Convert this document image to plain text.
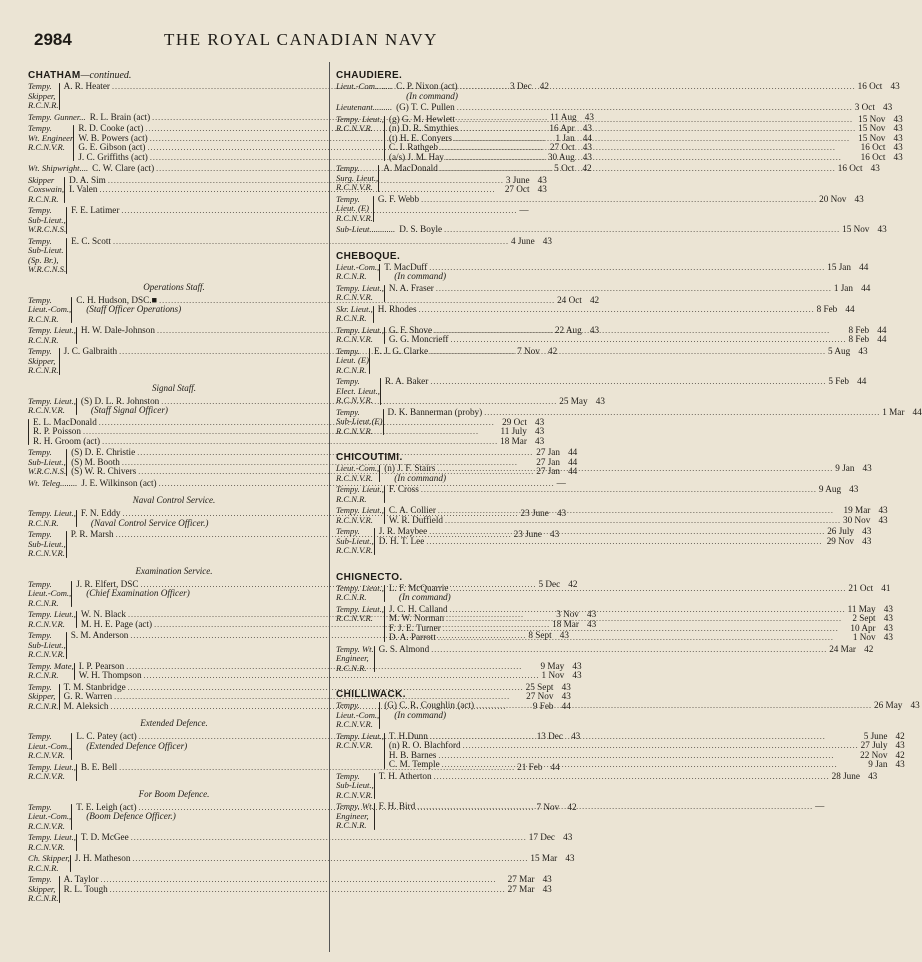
2984	THE ROYAL CANADIAN NAVY
CHATHAM—continued.
Tempy.
Skipper,
R.C.N.R.
A. R. Heater .....	3 Dec 42
Tempy. Gunner... R. L. Brain (act) .....	11 Aug 43
Tempy.
Wt. Engineer
R.C.N.V.R.
R. D. Cooke (act) .....	16 Apr 43
W. B. Powers (act) .....	1 Jan 44
G. E. Gibson (act) .....	27 Oct 43
J. C. Griffiths (act) .....	30 Aug 43
Wt. Shipwright.... C. W. Clare (act) .....	5 Oct 42
Skipper
Coxswain,
R.C.N.R.
D. A. Sim .....	3 June 43
I. Valen .....	27 Oct 43
Tempy.
Sub-Lieut.,
W.R.C.N.S.
F. E. Latimer .....	—
Tempy.
Sub-Lieut.
(Sp. Br.),
W.R.C.N.S.
E. C. Scott .....	4 June 43
Operations Staff.
Tempy.
Lieut.-Com.,
R.C.N.R.
C. H. Hudson, DSC.■ .....	24 Oct 42
(Staff Officer Operations)
Tempy. Lieut.,
R.C.N.R.
H. W. Dale-Johnson .....	22 Aug 43
Tempy.
Skipper,
R.C.N.R.
J. C. Galbraith .....	7 Nov 42
Signal Staff.
Tempy. Lieut.,
R.C.N.V.R.
(S) D. L. R. Johnston .....	25 May 43
(Staff Signal Officer)
E. L. MacDonald .....	29 Oct 43
R. P. Poisson .....	11 July 43
R. H. Groom (act) .....	18 Mar 43
Tempy.
Sub-Lieut.,
W.R.C.N.S.
(S) D. E. Christie .....	27 Jan 44
(S) M. Booth .....	27 Jan 44
(S) W. R. Chivers .....	27 Jan 44
Wt. Teleg........ J. E. Wilkinson (act) .....	—
Naval Control Service.
Tempy. Lieut.,
R.C.N.R.
F. N. Eddy .....	23 June 43
(Naval Control Service Officer.)
Tempy.
Sub-Lieut.,
R.C.N.V.R.
P. R. Marsh .....	23 June 43
Examination Service.
Tempy.
Lieut.-Com.,
R.C.N.R.
J. R. Elfert, DSC .....	5 Dec 42
(Chief Examination Officer)
Tempy. Lieut.,
R.C.N.V.R.
W. N. Black .....	3 Nov 43
M. H. E. Page (act) .....	18 Mar 43
Tempy.
Sub-Lieut.,
R.C.N.V.R.
S. M. Anderson .....	8 Sept 43
Tempy. Mate,
R.C.N.R.
I. P. Pearson .....	9 May 43
W. H. Thompson .....	1 Nov 43
Tempy.
Skipper,
R.C.N.R.
T. M. Stanbridge .....	25 Sept 43
G. R. Warren .....	27 Nov 43
M. Aleksich .....	9 Feb 44
Extended Defence.
Tempy.
Lieut.-Com.,
R.C.N.V.R.
L. C. Patey (act) .....	13 Dec 43
(Extended Defence Officer)
Tempy. Lieut.,
R.C.N.V.R.
B. E. Bell .....	21 Feb 44
For Boom Defence.
Tempy.
Lieut.-Com.,
R.C.N.V.R.
T. E. Leigh (act) .....	7 Nov 42
(Boom Defence Officer.)
Tempy. Lieut.,
R.C.N.V.R.
T. D. McGee .....	17 Dec 43
Ch. Skipper,
R.C.N.R.
J. H. Matheson .....	15 Mar 43
Tempy.
Skipper,
R.C.N.R.
A. Taylor .....	27 Mar 43
R. L. Tough .....	27 Mar 43
CHAUDIERE.
Lieut.-Com........ C. P. Nixon (act) .....	16 Oct 43
(In command)
Lieutenant......... (G) T. C. Pullen .....	3 Oct 43
Tempy. Lieut.,
R.C.N.V.R.
(g) G. M. Hewlett .....	15 Nov 43
(n) D. R. Smythies .....	15 Nov 43
(t) H. E. Conyers .....	15 Nov 43
C. I. Rathgeb .....	16 Oct 43
(a/s) J. M. Hay .....	16 Oct 43
Tempy.
Surg. Lieut.,
R.C.N.V.R.
A. MacDonald .....	16 Oct 43
Tempy.
Lieut. (E)
R.C.N.V.R.
G. F. Webb .....	20 Nov 43
Sub-Lieut............ D. S. Boyle .....	15 Nov 43
CHEBOQUE.
Lieut.-Com.,
R.C.N.R.
T. MacDuff .....	15 Jan 44
(In command)
Tempy. Lieut.,
R.C.N.V.R.
N. A. Fraser .....	1 Jan 44
Skr. Lieut.,
R.C.N.R.
H. Rhodes .....	8 Feb 44
Tempy. Lieut.,
R.C.N.V.R.
G. F. Shove .....	8 Feb 44
G. G. Moncrieff .....	8 Feb 44
Tempy.
Lieut. (E)
R.C.N.R.
E. J. G. Clarke .....	5 Aug 43
Tempy.
Elect. Lieut.,
R.C.N.V.R.
R. A. Baker .....	5 Feb 44
Tempy.
Sub-Lieut.(E)
R.C.N.V.R.
D. K. Bannerman (proby) .....	1 Mar 44
CHICOUTIMI.
Lieut.-Com.,
R.C.N.V.R.
(n) J. F. Stairs .....	9 Jan 43
(In command)
Tempy. Lieut.,
R.C.N.R.
F. Cross .....	9 Aug 43
Tempy. Lieut.,
R.C.N.V.R.
C. A. Collier .....	19 Mar 43
W. R. Duffield .....	30 Nov 43
Tempy.
Sub-Lieut.,
R.C.N.V.R.
J. R. Maybee .....	26 July 43
D. H. T. Lee .....	29 Nov 43
CHIGNECTO.
Tempy. Lieut.,
R.C.N.R.
L. F. McQuarrie .....	21 Oct 41
(In command)
Tempy. Lieut.,
R.C.N.V.R.
J. C. H. Calland .....	11 May 43
M. W. Norman .....	2 Sept 43
F. J. E. Turner .....	10 Apr 43
D. A. Parrott .....	1 Nov 43
Tempy. Wt.
Engineer,
R.C.N.R.
G. S. Almond .....	24 Mar 42
CHILLIWACK.
Tempy.
Lieut.-Com.,
R.C.N.V.R.
(G) C. R. Coughlin (act) .....	26 May 43
(In command)
Tempy. Lieut.,
R.C.N.V.R.
T. H.Dunn .....	5 June 42
(n) R. O. Blachford .....	27 July 43
H. B. Barnes .....	22 Nov 42
C. M. Temple .....	9 Jan 43
Tempy.
Sub-Lieut.,
R.C.N.V.R.
T. H. Atherton .....	28 June 43
Tempy. Wt.
Engineer,
R.C.N.R.
F. H. Bird .....	—
